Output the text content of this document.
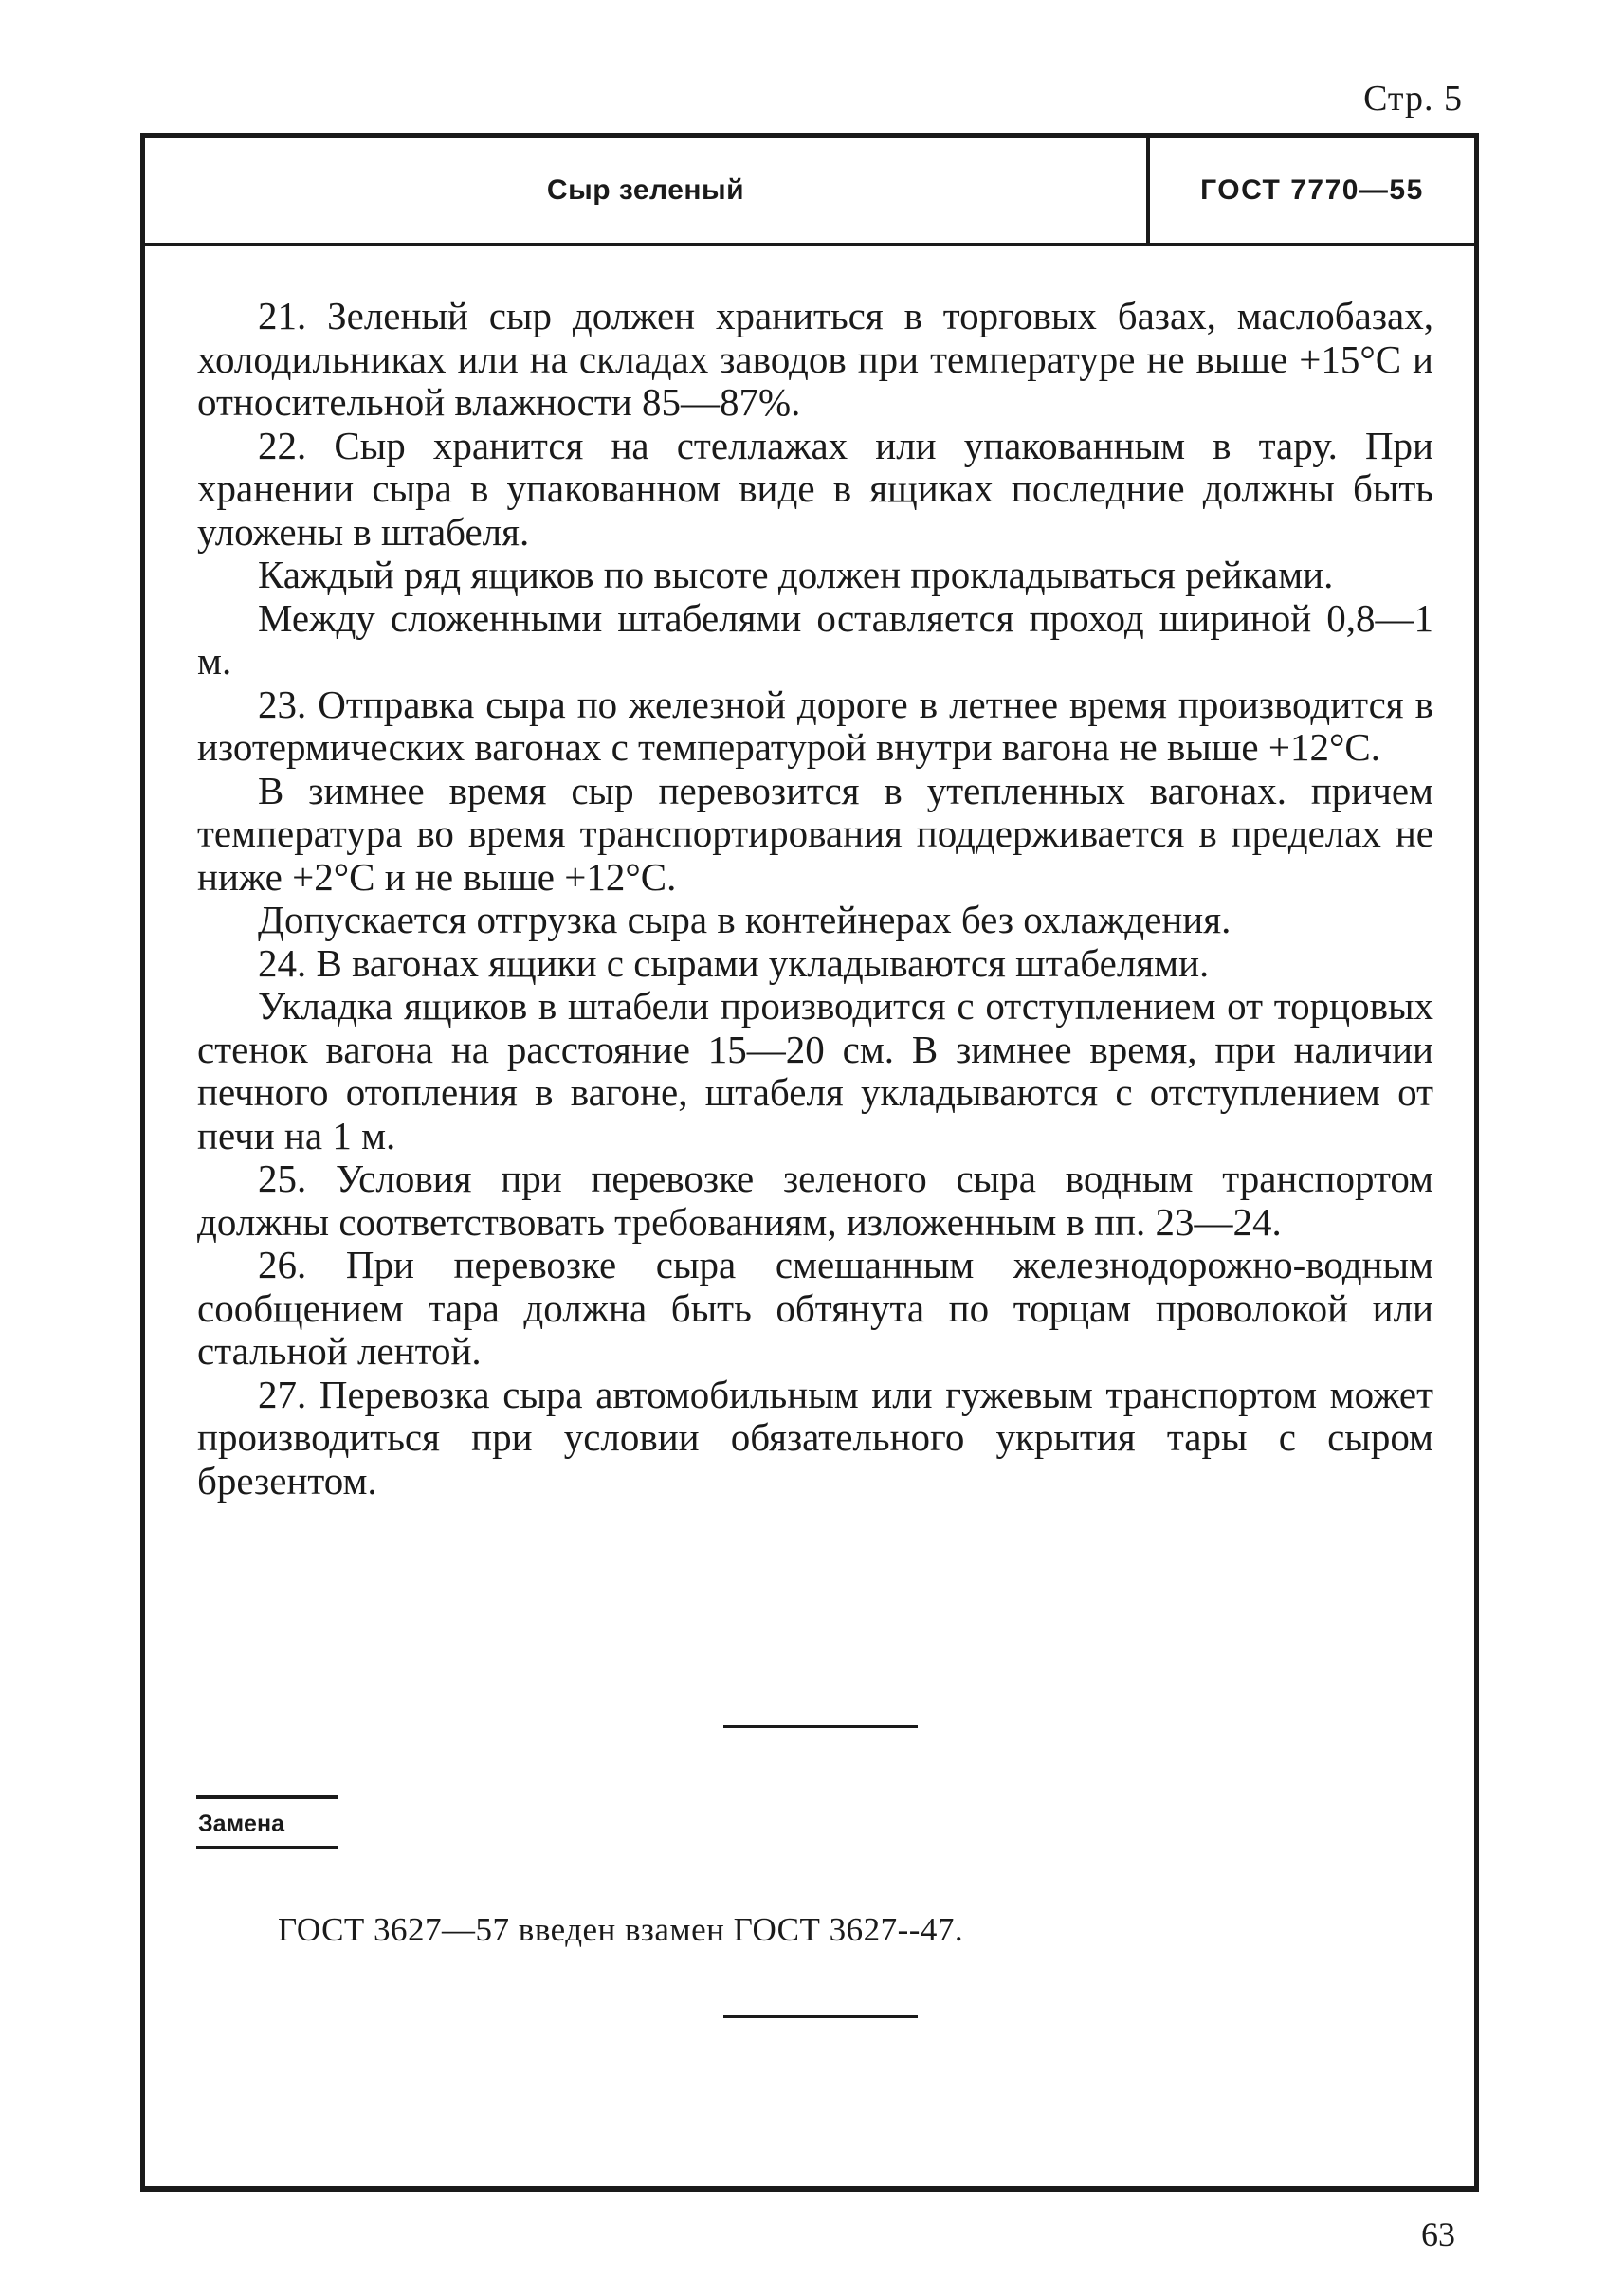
Стр. 5
Сыр зеленый	ГОСТ 7770—55

21. Зеленый сыр должен храниться в торговых базах, маслобазах, холодильниках или на складах заводов при температуре не выше +15°С и относительной влажности 85—87%.

22. Сыр хранится на стеллажах или упакованным в тару. При хранении сыра в упакованном виде в ящиках последние должны быть уложены в штабеля.

Каждый ряд ящиков по высоте должен прокладываться рейками.

Между сложенными штабелями оставляется проход шириной 0,8—1 м.

23. Отправка сыра по железной дороге в летнее время производится в изотермических вагонах с температурой внутри вагона не выше +12°С.

В зимнее время сыр перевозится в утепленных вагонах. причем температура во время транспортирования поддерживается в пределах не ниже +2°С и не выше +12°С.

Допускается отгрузка сыра в контейнерах без охлаждения.

24. В вагонах ящики с сырами укладываются штабелями.

Укладка ящиков в штабели производится с отступлением от торцовых стенок вагона на расстояние 15—20 см. В зимнее время, при наличии печного отопления в вагоне, штабеля укладываются с отступлением от печи на 1 м.

25. Условия при перевозке зеленого сыра водным транспортом должны соответствовать требованиям, изложенным в пп. 23—24.

26. При перевозке сыра смешанным железнодорожно-водным сообщением тара должна быть обтянута по торцам проволокой или стальной лентой.

27. Перевозка сыра автомобильным или гужевым транспортом может производиться при условии обязательного укрытия тары с сыром брезентом.

Замена
ГОСТ 3627—57 введен взамен ГОСТ 3627--47.
63
